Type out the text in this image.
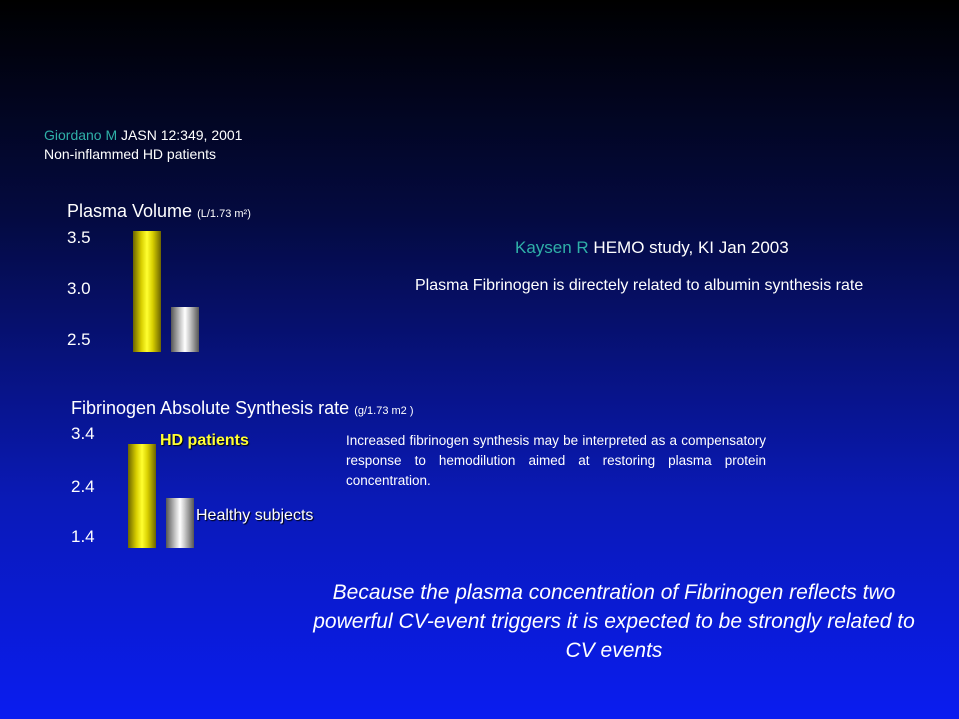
Giordano M JASN 12:349, 2001
Non-inflammed HD patients
Plasma Volume (L/1.73 m²)
3.5
3.0
2.5
Kaysen R HEMO study, KI Jan 2003
Plasma Fibrinogen is directely related to albumin synthesis rate
Fibrinogen Absolute Synthesis rate (g/1.73 m2 )
3.4
2.4
1.4
HD patients
Healthy subjects
Increased fibrinogen synthesis may be interpreted as a compensatory response to hemodilution aimed at restoring plasma protein concentration.
Because the plasma concentration of Fibrinogen reflects two powerful CV-event triggers it is expected to be strongly related to CV events
